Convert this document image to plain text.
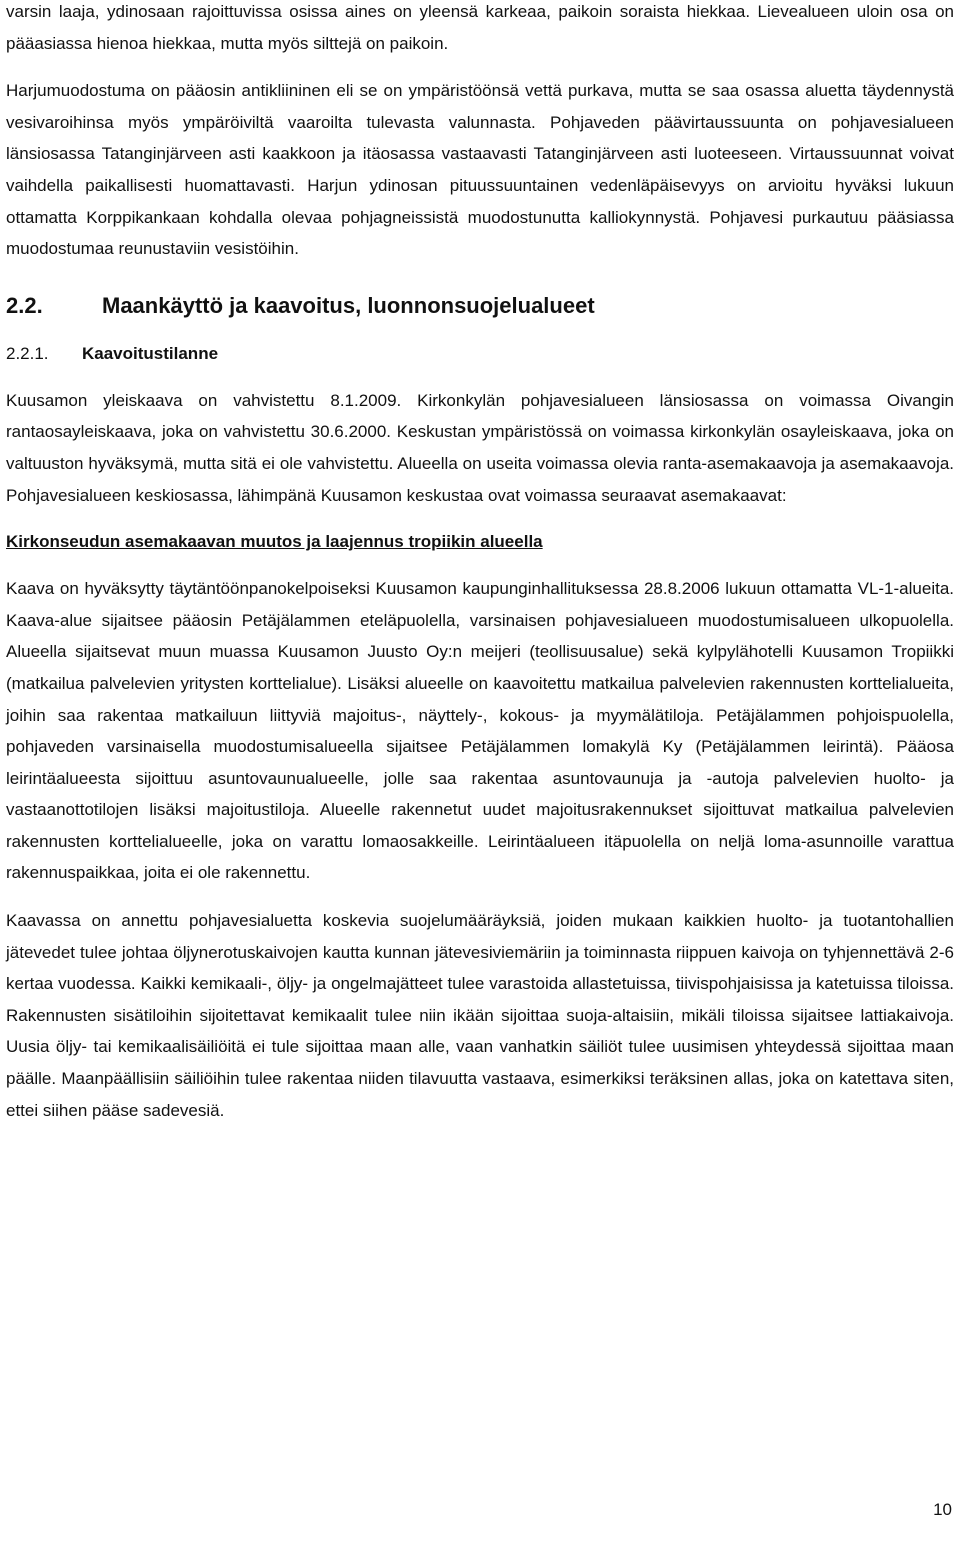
varsin laaja, ydinosaan rajoittuvissa osissa aines on yleensä karkeaa, paikoin soraista hiekkaa. Lievealueen uloin osa on pääasiassa hienoa hiekkaa, mutta myös silttejä on paikoin.

Harjumuodostuma on pääosin antikliininen eli se on ympäristöönsä vettä purkava, mutta se saa osassa aluetta täydennystä vesivaroihinsa myös ympäröiviltä vaaroilta tulevasta valunnasta. Pohjaveden päävirtaussuunta on pohjavesialueen länsiosassa Tatanginjärveen asti kaakkoon ja itäosassa vastaavasti Tatanginjärveen asti luoteeseen. Virtaussuunnat voivat vaihdella paikallisesti huomattavasti. Harjun ydinosan pituussuuntainen vedenläpäisevyys on arvioitu hyväksi lukuun ottamatta Korppikankaan kohdalla olevaa pohjagneissistä muodostunutta kalliokynnystä. Pohjavesi purkautuu pääsiassa muodostumaa reunustaviin vesistöihin.

2.2.	Maankäyttö ja kaavoitus, luonnonsuojelualueet
2.2.1.	Kaavoitustilanne

Kuusamon yleiskaava on vahvistettu 8.1.2009. Kirkonkylän pohjavesialueen länsiosassa on voimassa Oivangin rantaosayleiskaava, joka on vahvistettu 30.6.2000. Keskustan ympäristössä on voimassa kirkonkylän osayleiskaava, joka on valtuuston hyväksymä, mutta sitä ei ole vahvistettu. Alueella on useita voimassa olevia ranta-asemakaavoja ja asemakaavoja. Pohjavesialueen keskiosassa, lähimpänä Kuusamon keskustaa ovat voimassa seuraavat asemakaavat:

Kirkonseudun asemakaavan muutos ja laajennus tropiikin alueella

Kaava on hyväksytty täytäntöönpanokelpoiseksi Kuusamon kaupunginhallituksessa 28.8.2006 lukuun ottamatta VL-1-alueita. Kaava-alue sijaitsee pääosin Petäjälammen eteläpuolella, varsinaisen pohjavesialueen muodostumisalueen ulkopuolella. Alueella sijaitsevat muun muassa Kuusamon Juusto Oy:n meijeri (teollisuusalue) sekä kylpylähotelli Kuusamon Tropiikki (matkailua palvelevien yritysten korttelialue). Lisäksi alueelle on kaavoitettu matkailua palvelevien rakennusten korttelialueita, joihin saa rakentaa matkailuun liittyviä majoitus-, näyttely-, kokous- ja myymälätiloja. Petäjälammen pohjoispuolella, pohjaveden varsinaisella muodostumisalueella sijaitsee Petäjälammen lomakylä Ky (Petäjälammen leirintä). Pääosa leirintäalueesta sijoittuu asuntovaunualueelle, jolle saa rakentaa asuntovaunuja ja -autoja palvelevien huolto- ja vastaanottotilojen lisäksi majoitustiloja. Alueelle rakennetut uudet majoitusrakennukset sijoittuvat matkailua palvelevien rakennusten korttelialueelle, joka on varattu lomaosakkeille. Leirintäalueen itäpuolella on neljä loma-asunnoille varattua rakennuspaikkaa, joita ei ole rakennettu.

Kaavassa on annettu pohjavesialuetta koskevia suojelumääräyksiä, joiden mukaan kaikkien huolto- ja tuotantohallien jätevedet tulee johtaa öljynerotuskaivojen kautta kunnan jätevesiviemäriin ja toiminnasta riippuen kaivoja on tyhjennettävä 2-6 kertaa vuodessa. Kaikki kemikaali-, öljy- ja ongelmajätteet tulee varastoida allastetuissa, tiivispohjaisissa ja katetuissa tiloissa. Rakennusten sisätiloihin sijoitettavat kemikaalit tulee niin ikään sijoittaa suoja-altaisiin, mikäli tiloissa sijaitsee lattiakaivoja. Uusia öljy- tai kemikaalisäiliöitä ei tule sijoittaa maan alle, vaan vanhatkin säiliöt tulee uusimisen yhteydessä sijoittaa maan päälle. Maanpäällisiin säiliöihin tulee rakentaa niiden tilavuutta vastaava, esimerkiksi teräksinen allas, joka on katettava siten, ettei siihen pääse sadevesiä.

10
